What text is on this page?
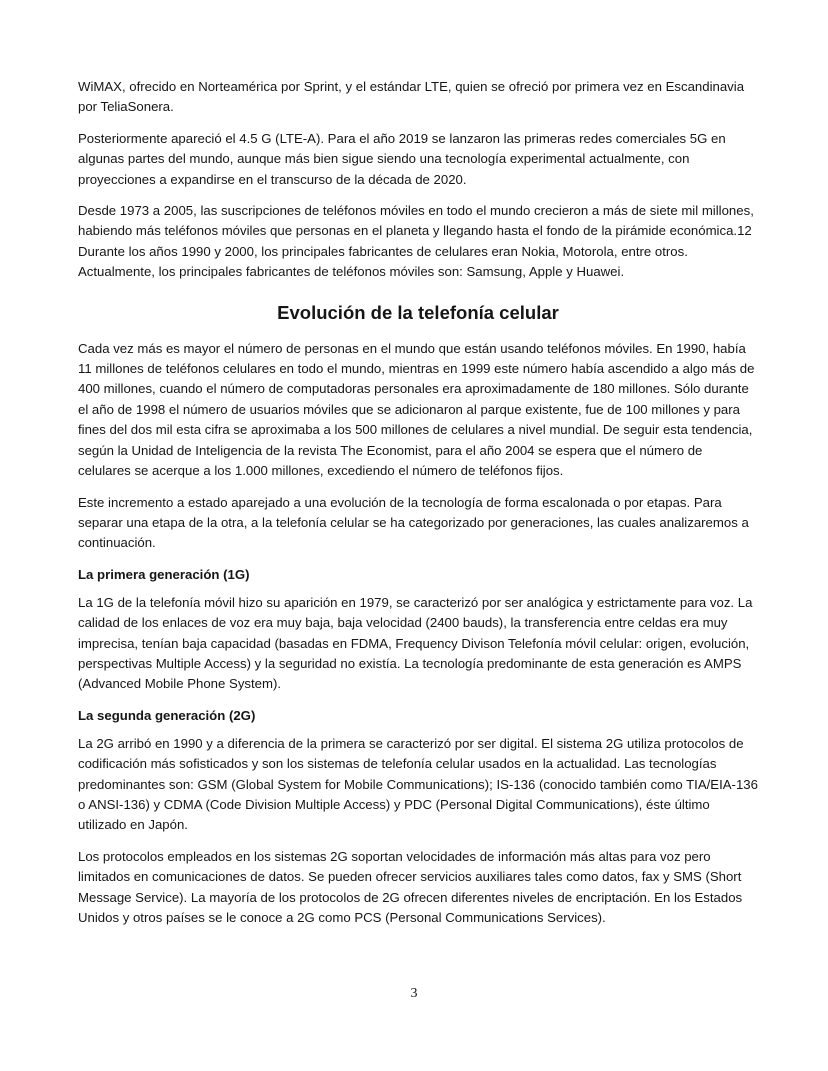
WiMAX, ofrecido en Norteamérica por Sprint, y el estándar LTE, quien se ofreció por primera vez en Escandinavia por TeliaSonera.

Posteriormente apareció el 4.5 G (LTE-A). Para el año 2019 se lanzaron las primeras redes comerciales 5G en algunas partes del mundo, aunque más bien sigue siendo una tecnología experimental actualmente, con proyecciones a expandirse en el transcurso de la década de 2020.

Desde 1973 a 2005, las suscripciones de teléfonos móviles en todo el mundo crecieron a más de siete mil millones, habiendo más teléfonos móviles que personas en el planeta y llegando hasta el fondo de la pirámide económica.12 Durante los años 1990 y 2000, los principales fabricantes de celulares eran Nokia, Motorola, entre otros. Actualmente, los principales fabricantes de teléfonos móviles son: Samsung, Apple y Huawei.

Evolución de la telefonía celular

Cada vez más es mayor el número de personas en el mundo que están usando teléfonos móviles. En 1990, había 11 millones de teléfonos celulares en todo el mundo, mientras en 1999 este número había ascendido a algo más de 400 millones, cuando el número de computadoras personales era aproximadamente de 180 millones. Sólo durante el año de 1998 el número de usuarios móviles que se adicionaron al parque existente, fue de 100 millones y para fines del dos mil esta cifra se aproximaba a los 500 millones de celulares a nivel mundial. De seguir esta tendencia, según la Unidad de Inteligencia de la revista The Economist, para el año 2004 se espera que el número de celulares se acerque a los 1.000 millones, excediendo el número de teléfonos fijos.

Este incremento a estado aparejado a una evolución de la tecnología de forma escalonada o por etapas. Para separar una etapa de la otra, a la telefonía celular se ha categorizado por generaciones, las cuales analizaremos a continuación.

La primera generación (1G)

La 1G de la telefonía móvil hizo su aparición en 1979, se caracterizó por ser analógica y estrictamente para voz. La calidad de los enlaces de voz era muy baja, baja velocidad (2400 bauds), la transferencia entre celdas era muy imprecisa, tenían baja capacidad (basadas en FDMA, Frequency Divison Telefonía móvil celular: origen, evolución, perspectivas Multiple Access) y la seguridad no existía. La tecnología predominante de esta generación es AMPS (Advanced Mobile Phone System).

La segunda generación (2G)

La 2G arribó en 1990 y a diferencia de la primera se caracterizó por ser digital. El sistema 2G utiliza protocolos de codificación más sofisticados y son los sistemas de telefonía celular usados en la actualidad. Las tecnologías predominantes son: GSM (Global System for Mobile Communications); IS-136 (conocido también como TIA/EIA-136 o ANSI-136) y CDMA (Code Division Multiple Access) y PDC (Personal Digital Communications), éste último utilizado en Japón.

Los protocolos empleados en los sistemas 2G soportan velocidades de información más altas para voz pero limitados en comunicaciones de datos. Se pueden ofrecer servicios auxiliares tales como datos, fax y SMS (Short Message Service). La mayoría de los protocolos de 2G ofrecen diferentes niveles de encriptación. En los Estados Unidos y otros países se le conoce a 2G como PCS (Personal Communications Services).

3
